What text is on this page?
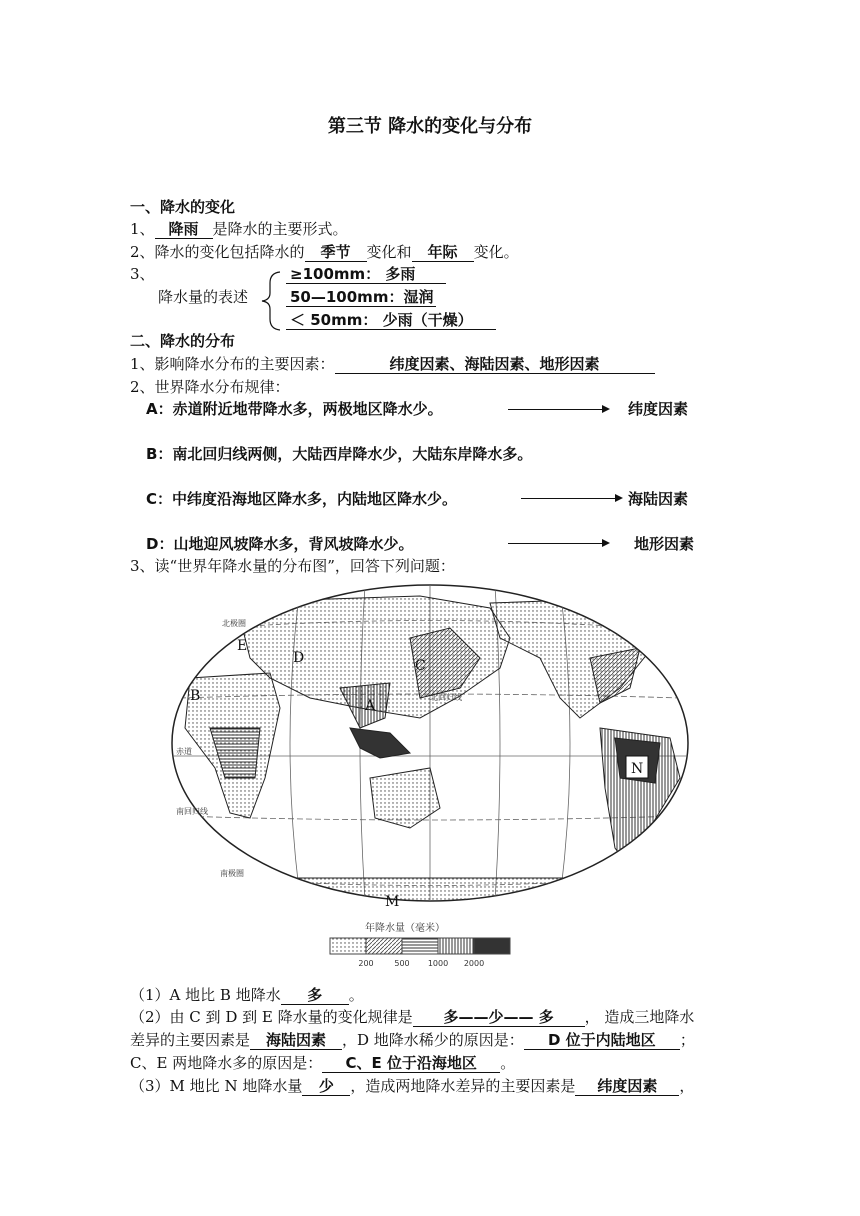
第三节 降水的变化与分布
一、降水的变化
1、 降雨 是降水的主要形式。
2、降水的变化包括降水的 季节 变化和 年际 变化。
3、
降水量的表述
≥100mm： 多雨
50—100mm：湿润
＜ 50mm： 少雨（干燥）
二、降水的分布
1、影响降水分布的主要因素：	纬度因素、海陆因素、地形因素
2、世界降水分布规律：
A：赤道附近地带降水多，两极地区降水少。	纬度因素
B：南北回归线两侧，大陆西岸降水少，大陆东岸降水多。
C：中纬度沿海地区降水多，内陆地区降水少。	海陆因素
D：山地迎风坡降水多，背风坡降水少。	地形因素
3、读“世界年降水量的分布图”，回答下列问题：
北极圈
北回归线
赤道
南回归线
南极圈
A
B
C
D
E
M
N
年降水量（毫米）
200	500 1000 2000
（1）A 地比 B 地降水 多 。
（2）由 C 到 D 到 E 降水量的变化规律是 多——少—— 多 ， 造成三地降水
差异的主要因素是 海陆因素 ，D 地降水稀少的原因是： D 位于内陆地区 ；
C、E 两地降水多的原因是： C、E 位于沿海地区 。
（3）M 地比 N 地降水量 少 ，造成两地降水差异的主要因素是 纬度因素 ，
